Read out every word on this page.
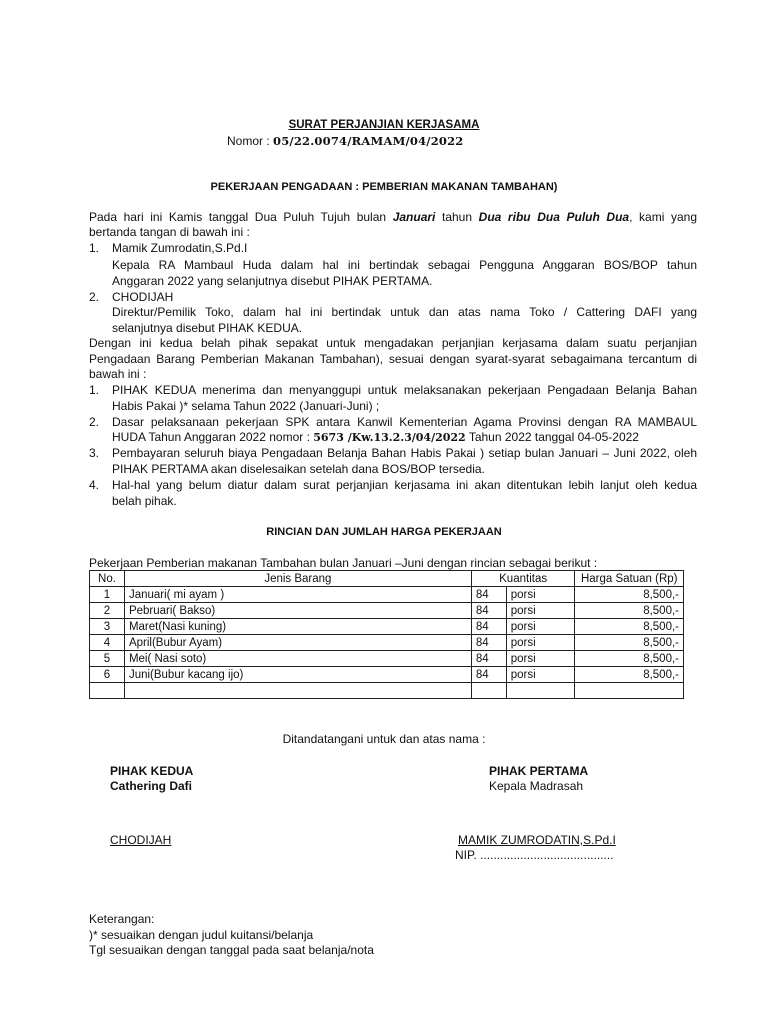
SURAT PERJANJIAN KERJASAMA
Nomor : 05/22.0074/RAMAM/04/2022
PEKERJAAN PENGADAAN : PEMBERIAN MAKANAN TAMBAHAN)
Pada hari ini Kamis tanggal Dua Puluh Tujuh bulan Januari tahun Dua ribu Dua Puluh Dua, kami yang
bertanda tangan di bawah ini :
1.	Mamik Zumrodatin,S.Pd.I
Kepala RA Mambaul Huda dalam hal ini bertindak sebagai Pengguna Anggaran BOS/BOP tahun
Anggaran 2022 yang selanjutnya disebut PIHAK PERTAMA.
2.	CHODIJAH
Direktur/Pemilik Toko, dalam hal ini bertindak untuk dan atas nama Toko / Cattering DAFI yang
selanjutnya disebut PIHAK KEDUA.
Dengan ini kedua belah pihak sepakat untuk mengadakan perjanjian kerjasama dalam suatu perjanjian
Pengadaan Barang Pemberian Makanan Tambahan), sesuai dengan syarat-syarat sebagaimana tercantum di
bawah ini :
1.	PIHAK KEDUA menerima dan menyanggupi untuk melaksanakan pekerjaan Pengadaan Belanja Bahan
Habis Pakai )* selama Tahun 2022 (Januari-Juni) ;
2.	Dasar pelaksanaan pekerjaan SPK antara Kanwil Kementerian Agama Provinsi dengan RA MAMBAUL
HUDA Tahun Anggaran 2022 nomor : 5673 /Kw.13.2.3/04/2022 Tahun 2022 tanggal 04-05-2022
3.	Pembayaran seluruh biaya Pengadaan Belanja Bahan Habis Pakai ) setiap bulan Januari – Juni 2022, oleh
PIHAK PERTAMA akan diselesaikan setelah dana BOS/BOP tersedia.
4.	Hal-hal yang belum diatur dalam surat perjanjian kerjasama ini akan ditentukan lebih lanjut oleh kedua
belah pihak.
RINCIAN DAN JUMLAH HARGA PEKERJAAN
Pekerjaan Pemberian makanan Tambahan bulan Januari –Juni dengan rincian sebagai berikut :
No.	Jenis Barang	Kuantitas		Harga Satuan (Rp)
1	Januari( mi ayam )	84	porsi	8,500,-
2	Pebruari( Bakso)	84	porsi	8,500,-
3	Maret(Nasi kuning)	84	porsi	8,500,-
4	April(Bubur Ayam)	84	porsi	8,500,-
5	Mei( Nasi soto)	84	porsi	8,500,-
6	Juni(Bubur kacang ijo)	84	porsi	8,500,-

Ditandatangani untuk dan atas nama :
PIHAK KEDUA
Cathering Dafi
CHODIJAH
PIHAK PERTAMA
Kepala Madrasah
MAMIK ZUMRODATIN,S.Pd.I
NIP. ........................................
Keterangan:
)* sesuaikan dengan judul kuitansi/belanja
Tgl sesuaikan dengan tanggal pada saat belanja/nota
